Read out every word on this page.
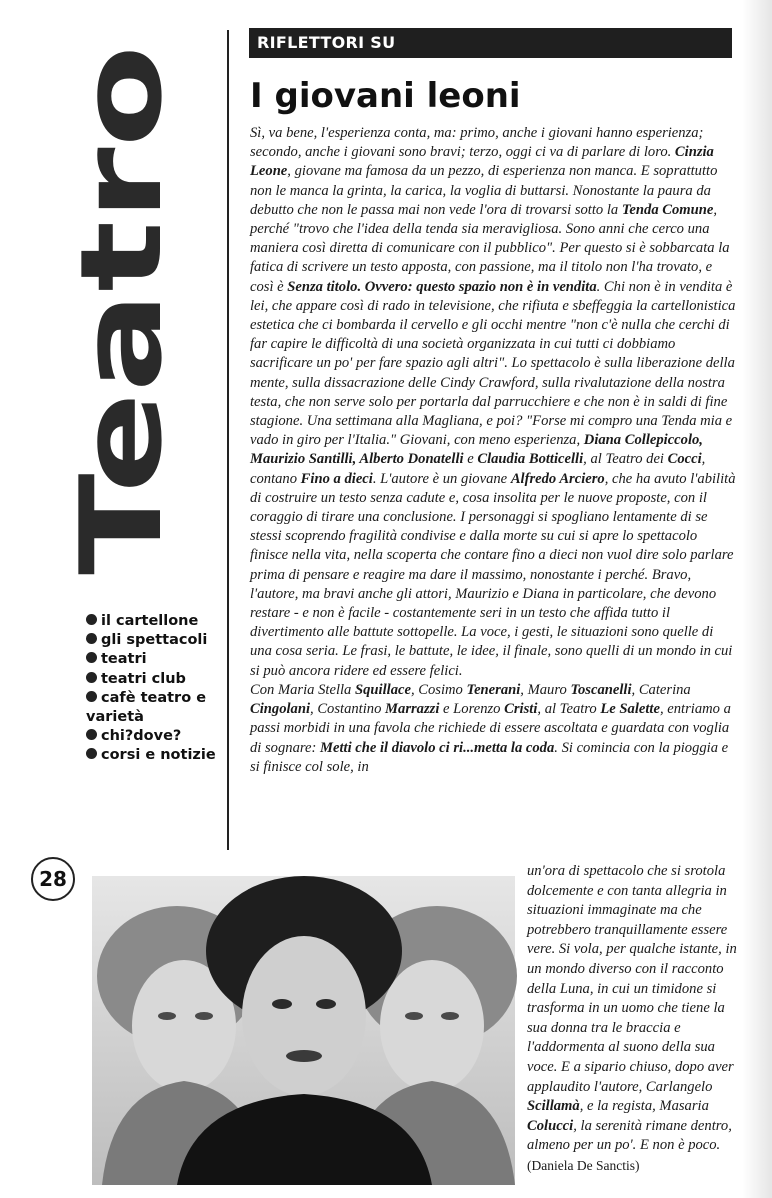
Teatro
il cartellone
gli spettacoli
teatri
teatri club
cafè teatro e varietà
chi?dove?
corsi e notizie
28
RIFLETTORI SU
I giovani leoni

Sì, va bene, l'esperienza conta, ma: primo, anche i giovani hanno esperienza; secondo, anche i giovani sono bravi; terzo, oggi ci va di parlare di loro. Cinzia Leone, giovane ma famosa da un pezzo, di esperienza non manca. E soprattutto non le manca la grinta, la carica, la voglia di buttarsi. Nonostante la paura da debutto che non le passa mai non vede l'ora di trovarsi sotto la Tenda Comune, perché "trovo che l'idea della tenda sia meravigliosa. Sono anni che cerco una maniera così diretta di comunicare con il pubblico". Per questo si è sobbarcata la fatica di scrivere un testo apposta, con passione, ma il titolo non l'ha trovato, e così è Senza titolo. Ovvero: questo spazio non è in vendita. Chi non è in vendita è lei, che appare così di rado in televisione, che rifiuta e sbeffeggia la cartellonistica estetica che ci bombarda il cervello e gli occhi mentre "non c'è nulla che cerchi di far capire le difficoltà di una società organizzata in cui tutti ci dobbiamo sacrificare un po' per fare spazio agli altri". Lo spettacolo è sulla liberazione della mente, sulla dissacrazione delle Cindy Crawford, sulla rivalutazione della nostra testa, che non serve solo per portarla dal parrucchiere e che non è in saldi di fine stagione. Una settimana alla Magliana, e poi? "Forse mi compro una Tenda mia e vado in giro per l'Italia." Giovani, con meno esperienza, Diana Collepiccolo, Maurizio Santilli, Alberto Donatelli e Claudia Botticelli, al Teatro dei Cocci, contano Fino a dieci. L'autore è un giovane Alfredo Arciero, che ha avuto l'abilità di costruire un testo senza cadute e, cosa insolita per le nuove proposte, con il coraggio di tirare una conclusione. I personaggi si spogliano lentamente di se stessi scoprendo fragilità condivise e dalla morte su cui si apre lo spettacolo finisce nella vita, nella scoperta che contare fino a dieci non vuol dire solo parlare prima di pensare e reagire ma dare il massimo, nonostante i perché. Bravo, l'autore, ma bravi anche gli attori, Maurizio e Diana in particolare, che devono restare - e non è facile - costantemente seri in un testo che affida tutto il divertimento alle battute sottopelle. La voce, i gesti, le situazioni sono quelle di una cosa seria. Le frasi, le battute, le idee, il finale, sono quelli di un mondo in cui si può ancora ridere ed essere felici.

Con Maria Stella Squillace, Cosimo Tenerani, Mauro Toscanelli, Caterina Cingolani, Costantino Marrazzi e Lorenzo Cristi, al Teatro Le Salette, entriamo a passi morbidi in una favola che richiede di essere ascoltata e guardata con voglia di sognare: Metti che il diavolo ci ri...metta la coda. Si comincia con la pioggia e si finisce col sole, in

un'ora di spettacolo che si srotola dolcemente e con tanta allegria in situazioni immaginate ma che potrebbero tranquillamente essere vere. Si vola, per qualche istante, in un mondo diverso con il racconto della Luna, in cui un timidone si trasforma in un uomo che tiene la sua donna tra le braccia e l'addormenta al suono della sua voce. E a sipario chiuso, dopo aver applaudito l'autore, Carlangelo Scillamà, e la regista, Masaria Colucci, la serenità rimane dentro, almeno per un po'. E non è poco.
(Daniela De Sanctis)
